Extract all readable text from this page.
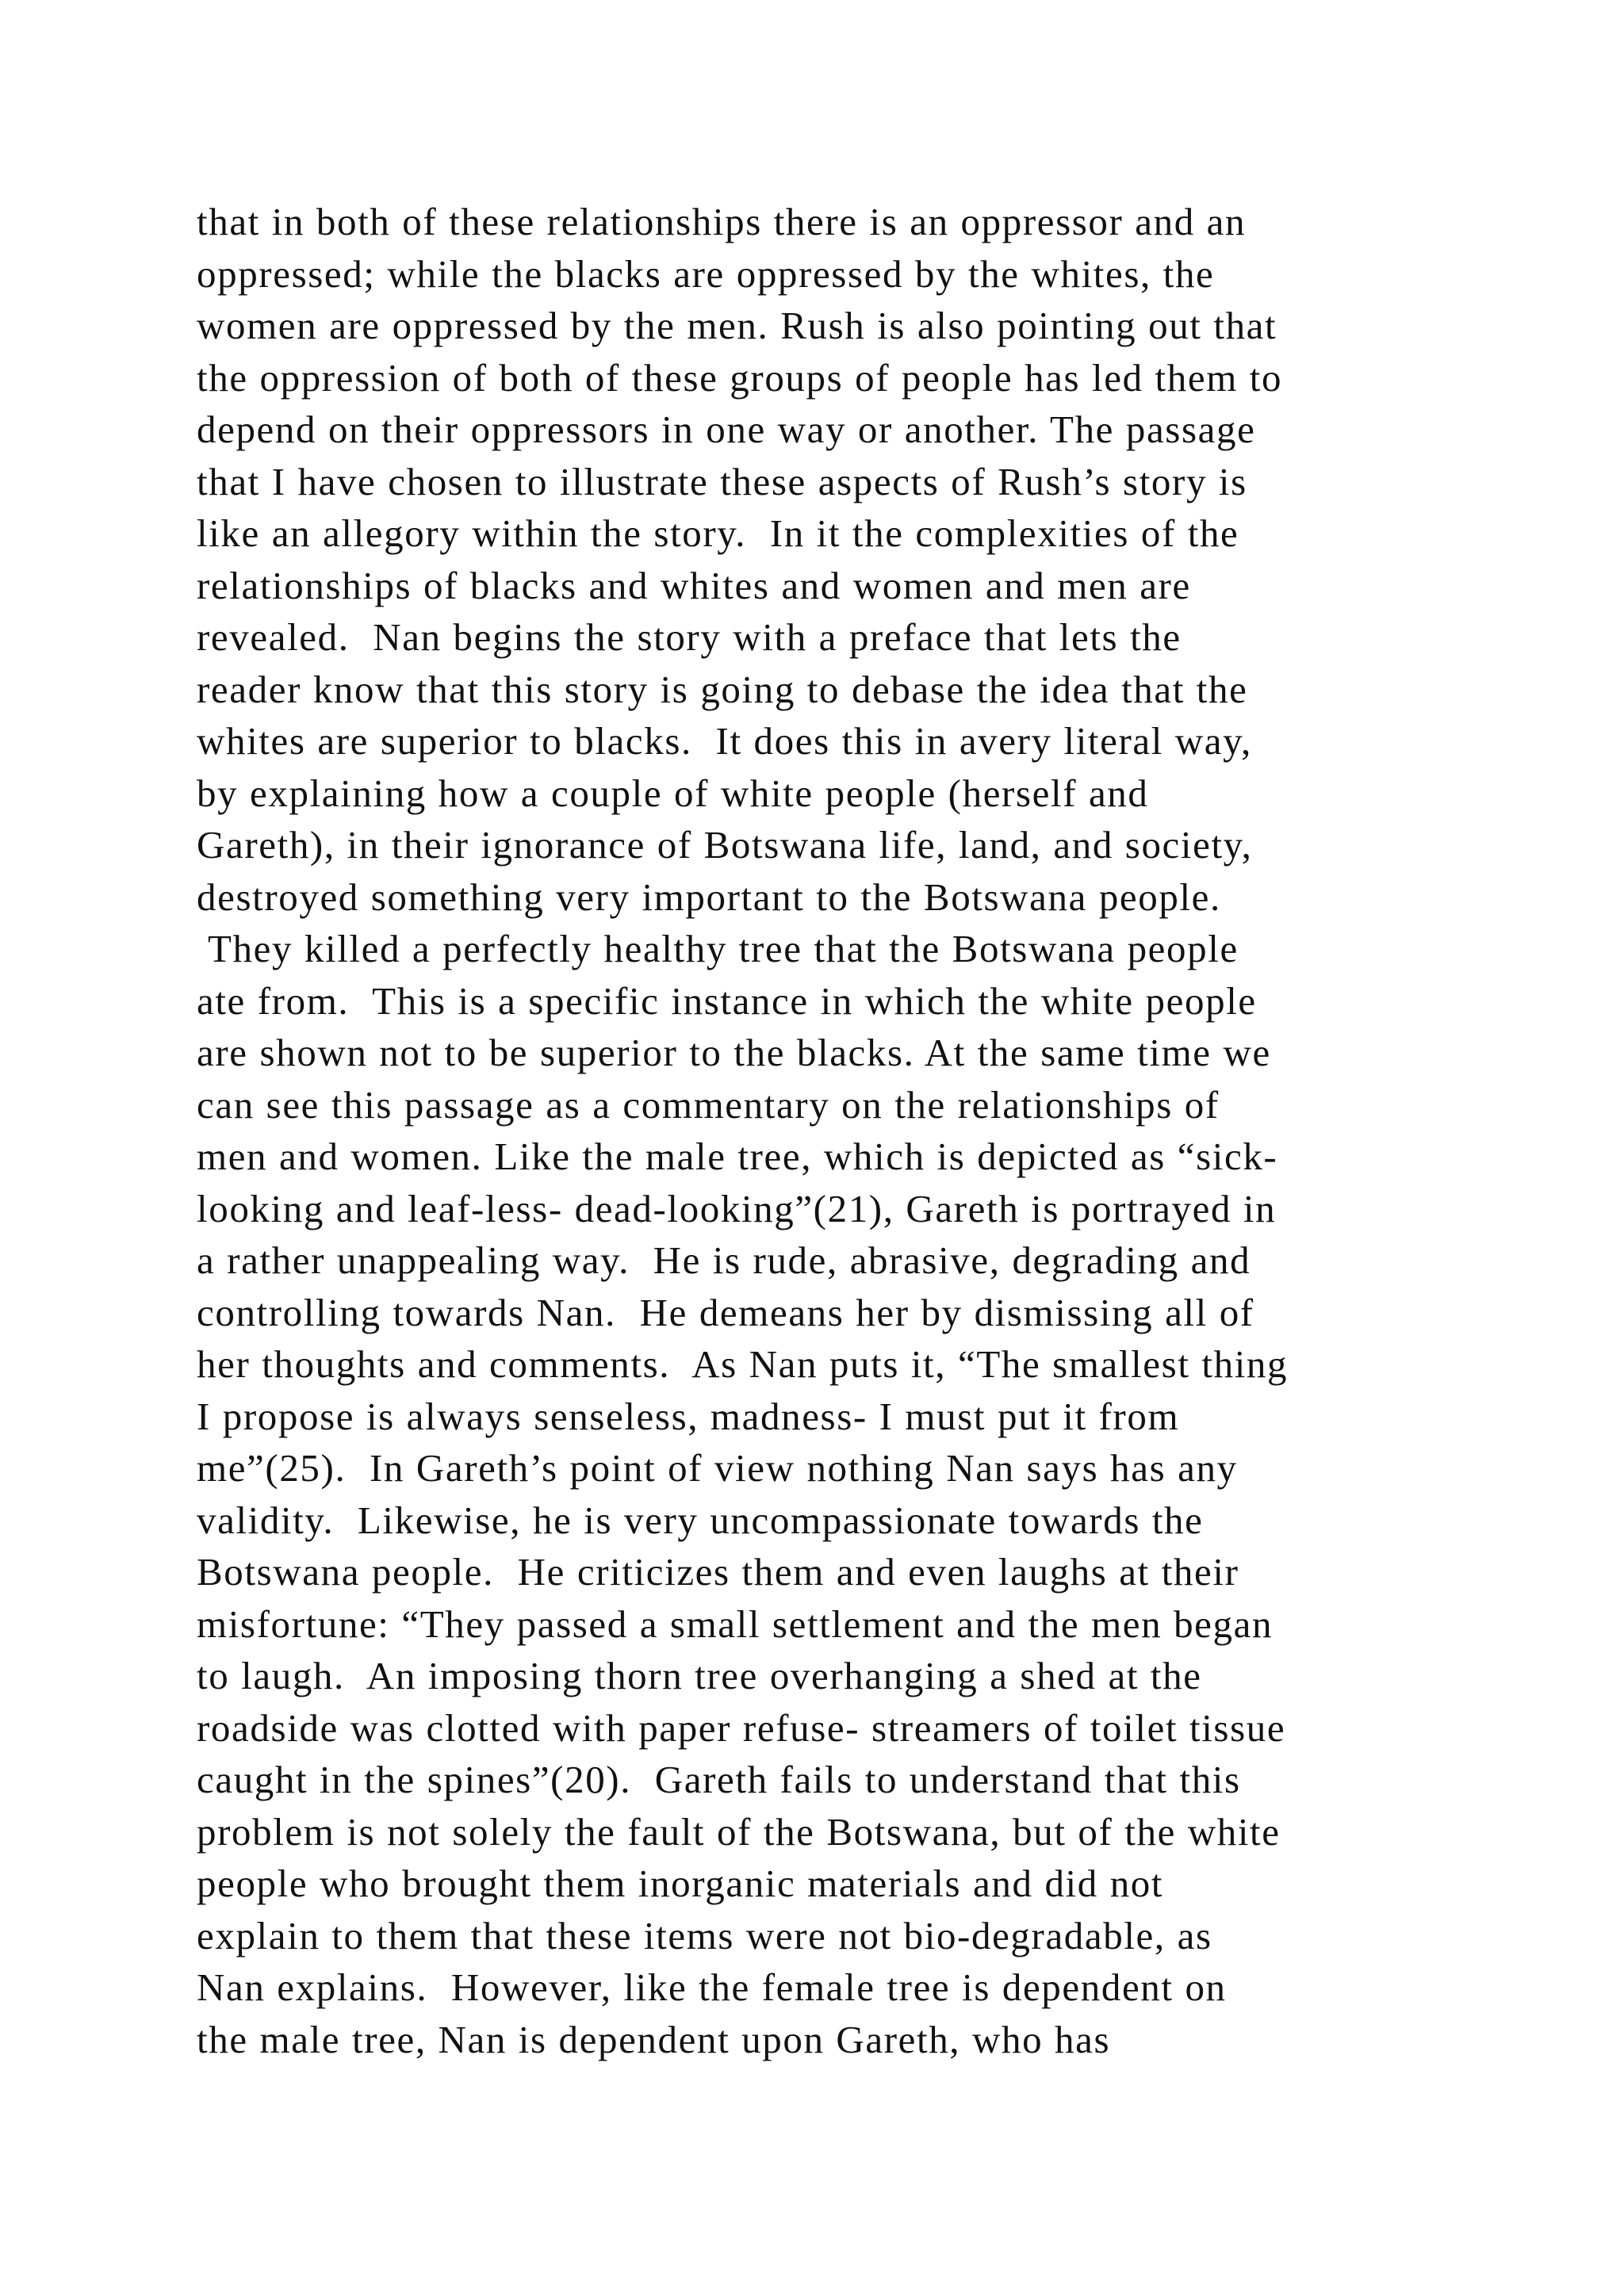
that in both of these relationships there is an oppressor and an
oppressed; while the blacks are oppressed by the whites, the
women are oppressed by the men. Rush is also pointing out that
the oppression of both of these groups of people has led them to
depend on their oppressors in one way or another. The passage
that I have chosen to illustrate these aspects of Rush’s story is
like an allegory within the story.  In it the complexities of the
relationships of blacks and whites and women and men are
revealed.  Nan begins the story with a preface that lets the
reader know that this story is going to debase the idea that the
whites are superior to blacks.  It does this in avery literal way,
by explaining how a couple of white people (herself and
Gareth), in their ignorance of Botswana life, land, and society,
destroyed something very important to the Botswana people.
They killed a perfectly healthy tree that the Botswana people
ate from.  This is a specific instance in which the white people
are shown not to be superior to the blacks. At the same time we
can see this passage as a commentary on the relationships of
men and women. Like the male tree, which is depicted as “sick-
looking and leaf-less- dead-looking”(21), Gareth is portrayed in
a rather unappealing way.  He is rude, abrasive, degrading and
controlling towards Nan.  He demeans her by dismissing all of
her thoughts and comments.  As Nan puts it, “The smallest thing
I propose is always senseless, madness- I must put it from
me”(25).  In Gareth’s point of view nothing Nan says has any
validity.  Likewise, he is very uncompassionate towards the
Botswana people.  He criticizes them and even laughs at their
misfortune: “They passed a small settlement and the men began
to laugh.  An imposing thorn tree overhanging a shed at the
roadside was clotted with paper refuse- streamers of toilet tissue
caught in the spines”(20).  Gareth fails to understand that this
problem is not solely the fault of the Botswana, but of the white
people who brought them inorganic materials and did not
explain to them that these items were not bio-degradable, as
Nan explains.  However, like the female tree is dependent on
the male tree, Nan is dependent upon Gareth, who has
